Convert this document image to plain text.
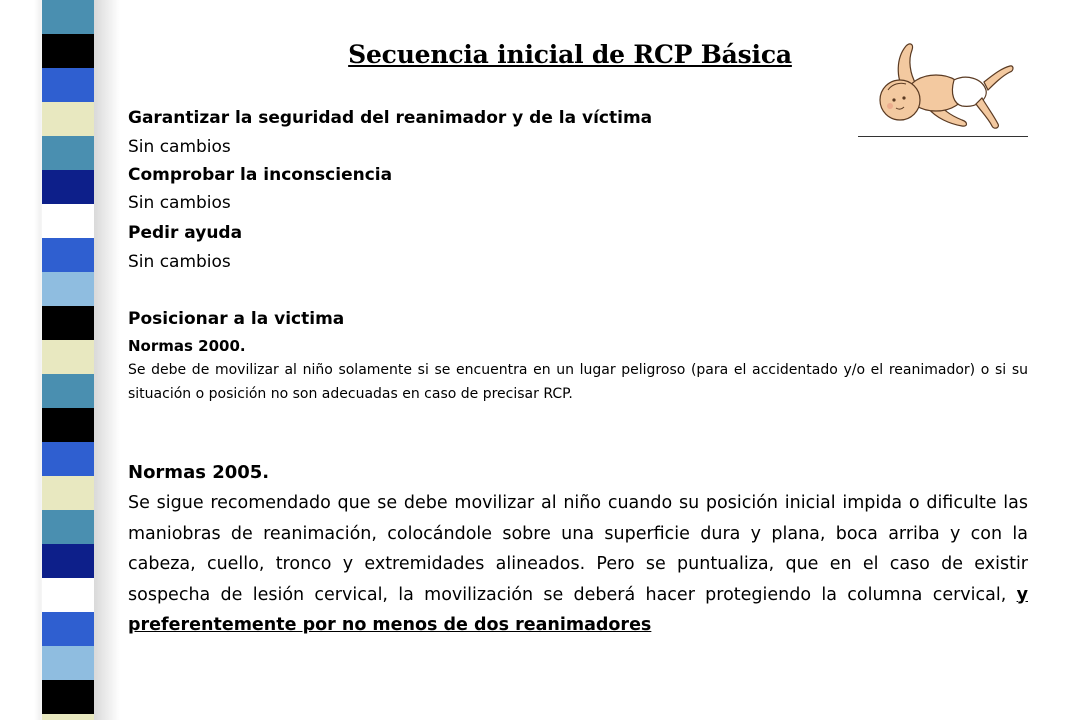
Secuencia inicial de RCP Básica

Garantizar la seguridad del reanimador y de la víctima

Sin cambios

Comprobar la inconsciencia

Sin cambios

Pedir ayuda

Sin cambios

Posicionar a la victima

Normas 2000.

Se debe de movilizar al niño solamente si se encuentra en un lugar peligroso (para el accidentado y/o el reanimador) o si su situación o posición no son adecuadas en caso de precisar RCP.

Normas 2005.

Se sigue recomendado que se debe movilizar al niño cuando su posición inicial impida o dificulte las maniobras de reanimación, colocándole sobre una superficie dura y plana, boca arriba y con la cabeza, cuello, tronco y extremidades alineados. Pero se puntualiza, que en el caso de existir sospecha de lesión cervical, la movilización se deberá hacer protegiendo la columna cervical, y preferentemente por no menos de dos reanimadores
